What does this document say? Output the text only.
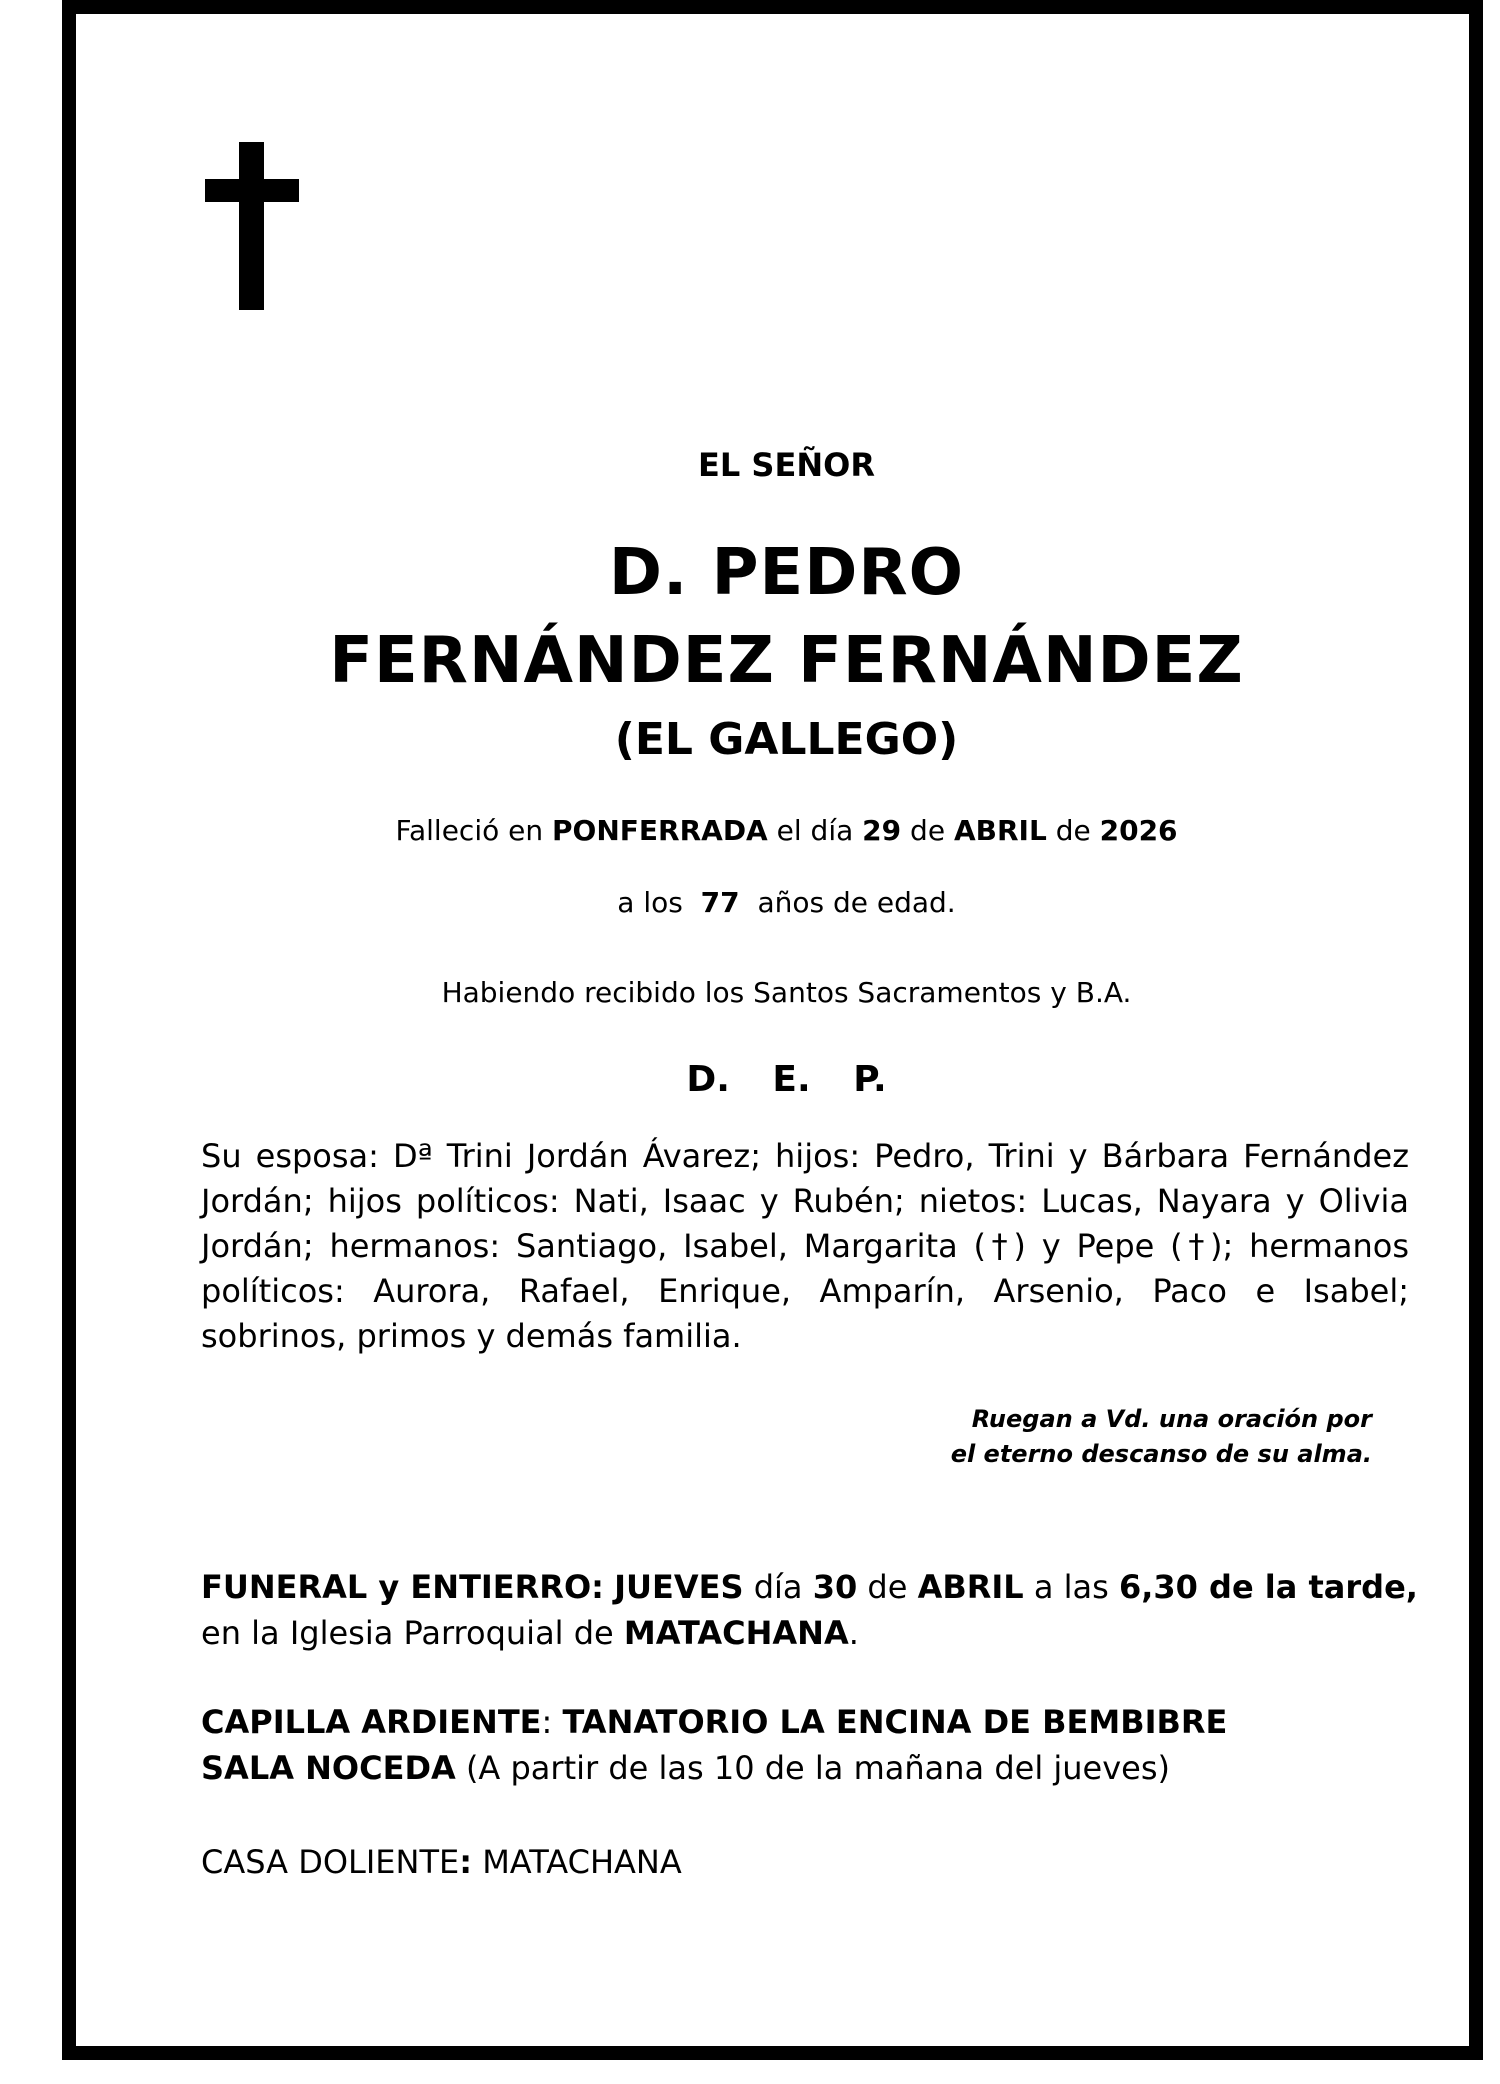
EL SEÑOR
D. PEDRO
FERNÁNDEZ FERNÁNDEZ
(EL GALLEGO)
Falleció en PONFERRADA el día 29 de ABRIL de 2026
a los 77 años de edad.
Habiendo recibido los Santos Sacramentos y B.A.
D. E. P.
Su esposa: Dª Trini Jordán Ávarez; hijos: Pedro, Trini y Bárbara Fernández Jordán; hijos políticos: Nati, Isaac y Rubén; nietos: Lucas, Nayara y Olivia Jordán; hermanos: Santiago, Isabel, Margarita (†) y Pepe (†); hermanos políticos: Aurora, Rafael, Enrique, Amparín, Arsenio, Paco e Isabel; sobrinos, primos y demás familia.
Ruegan a Vd. una oración por
el eterno descanso de su alma.
FUNERAL y ENTIERRO: JUEVES día 30 de ABRIL a las 6,30 de la tarde,
en la Iglesia Parroquial de MATACHANA.
CAPILLA ARDIENTE: TANATORIO LA ENCINA DE BEMBIBRE
SALA NOCEDA (A partir de las 10 de la mañana del jueves)
CASA DOLIENTE: MATACHANA
